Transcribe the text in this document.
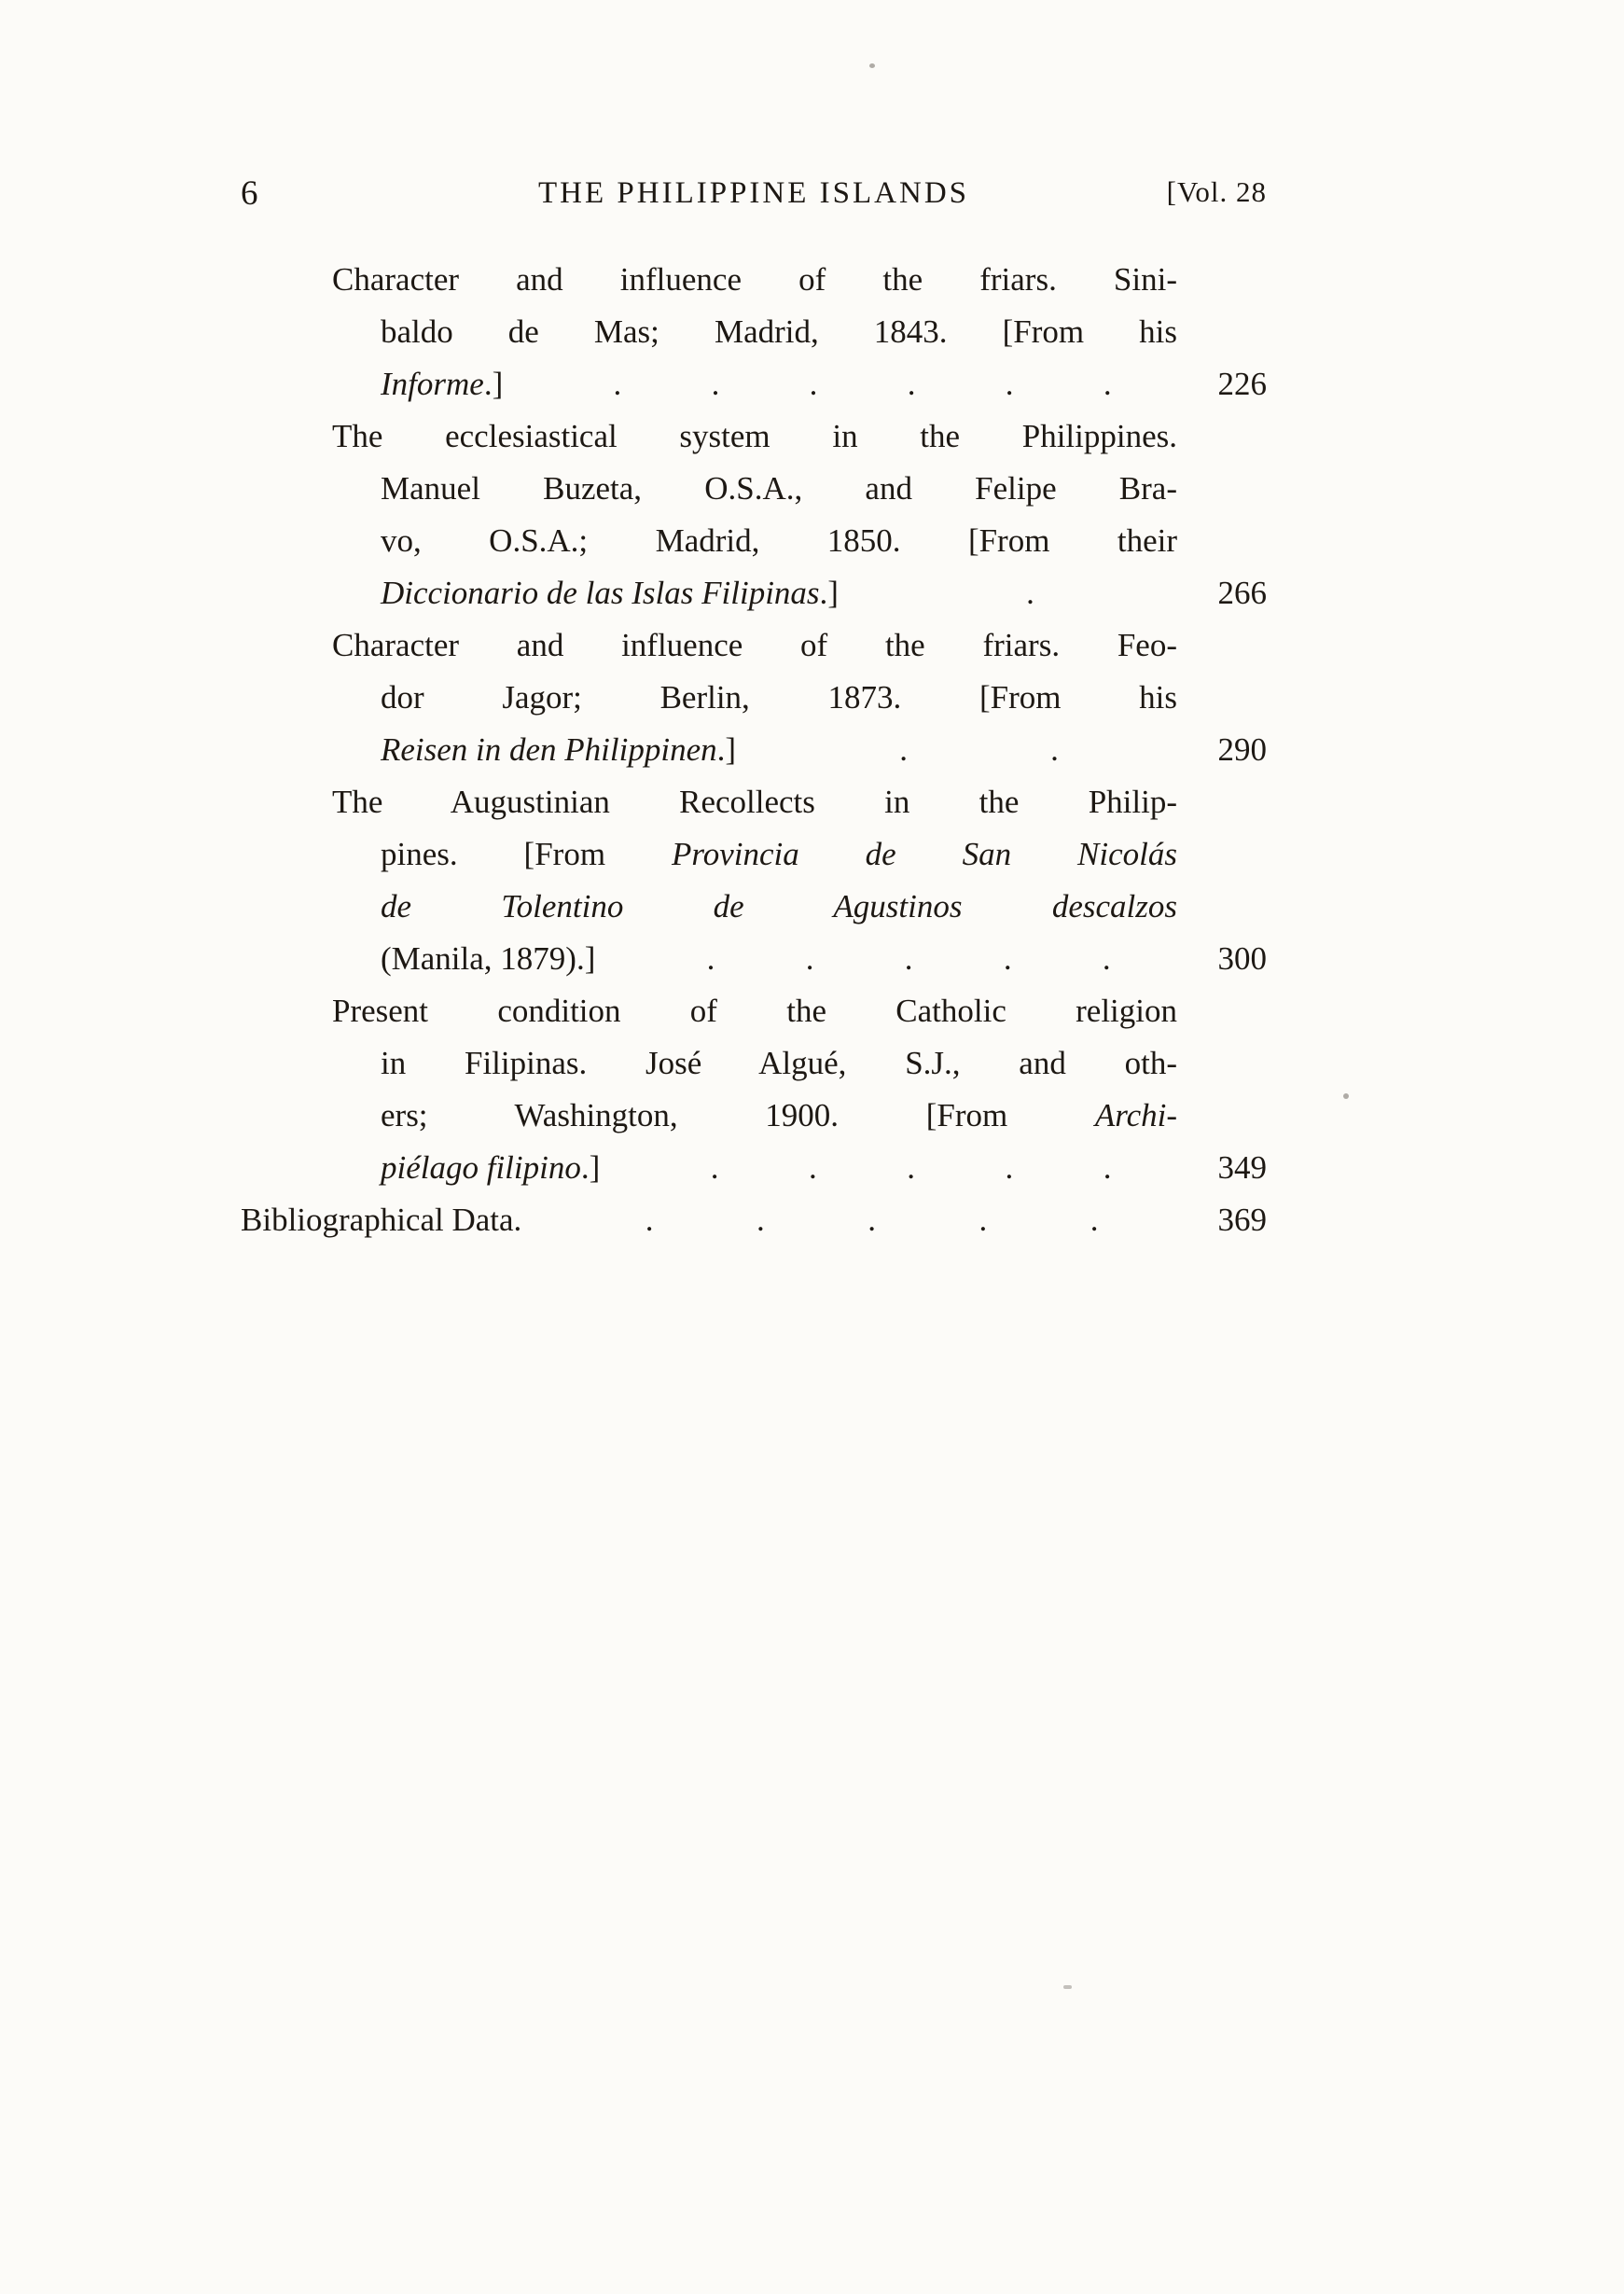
6	THE PHILIPPINE ISLANDS	[Vol. 28
Character and influence of the friars. Sini-
baldo de Mas; Madrid, 1843. [From his
Informe.]	.	.	.	.	.	.	226
The ecclesiastical system in the Philippines.
Manuel Buzeta, O.S.A., and Felipe Bra-
vo, O.S.A.; Madrid, 1850. [From their
Diccionario de las Islas Filipinas.]	.	266
Character and influence of the friars. Feo-
dor Jagor; Berlin, 1873. [From his
Reisen in den Philippinen.]	.	.	290
The Augustinian Recollects in the Philip-
pines. [From Provincia de San Nicolás
de Tolentino de Agustinos descalzos
(Manila, 1879).]	.	.	.	.	.	300
Present condition of the Catholic religion
in Filipinas. José Algué, S.J., and oth-
ers; Washington, 1900. [From Archi-
piélago filipino.]	.	.	.	.	.	349
Bibliographical Data.	.	.	.	.	.	369
